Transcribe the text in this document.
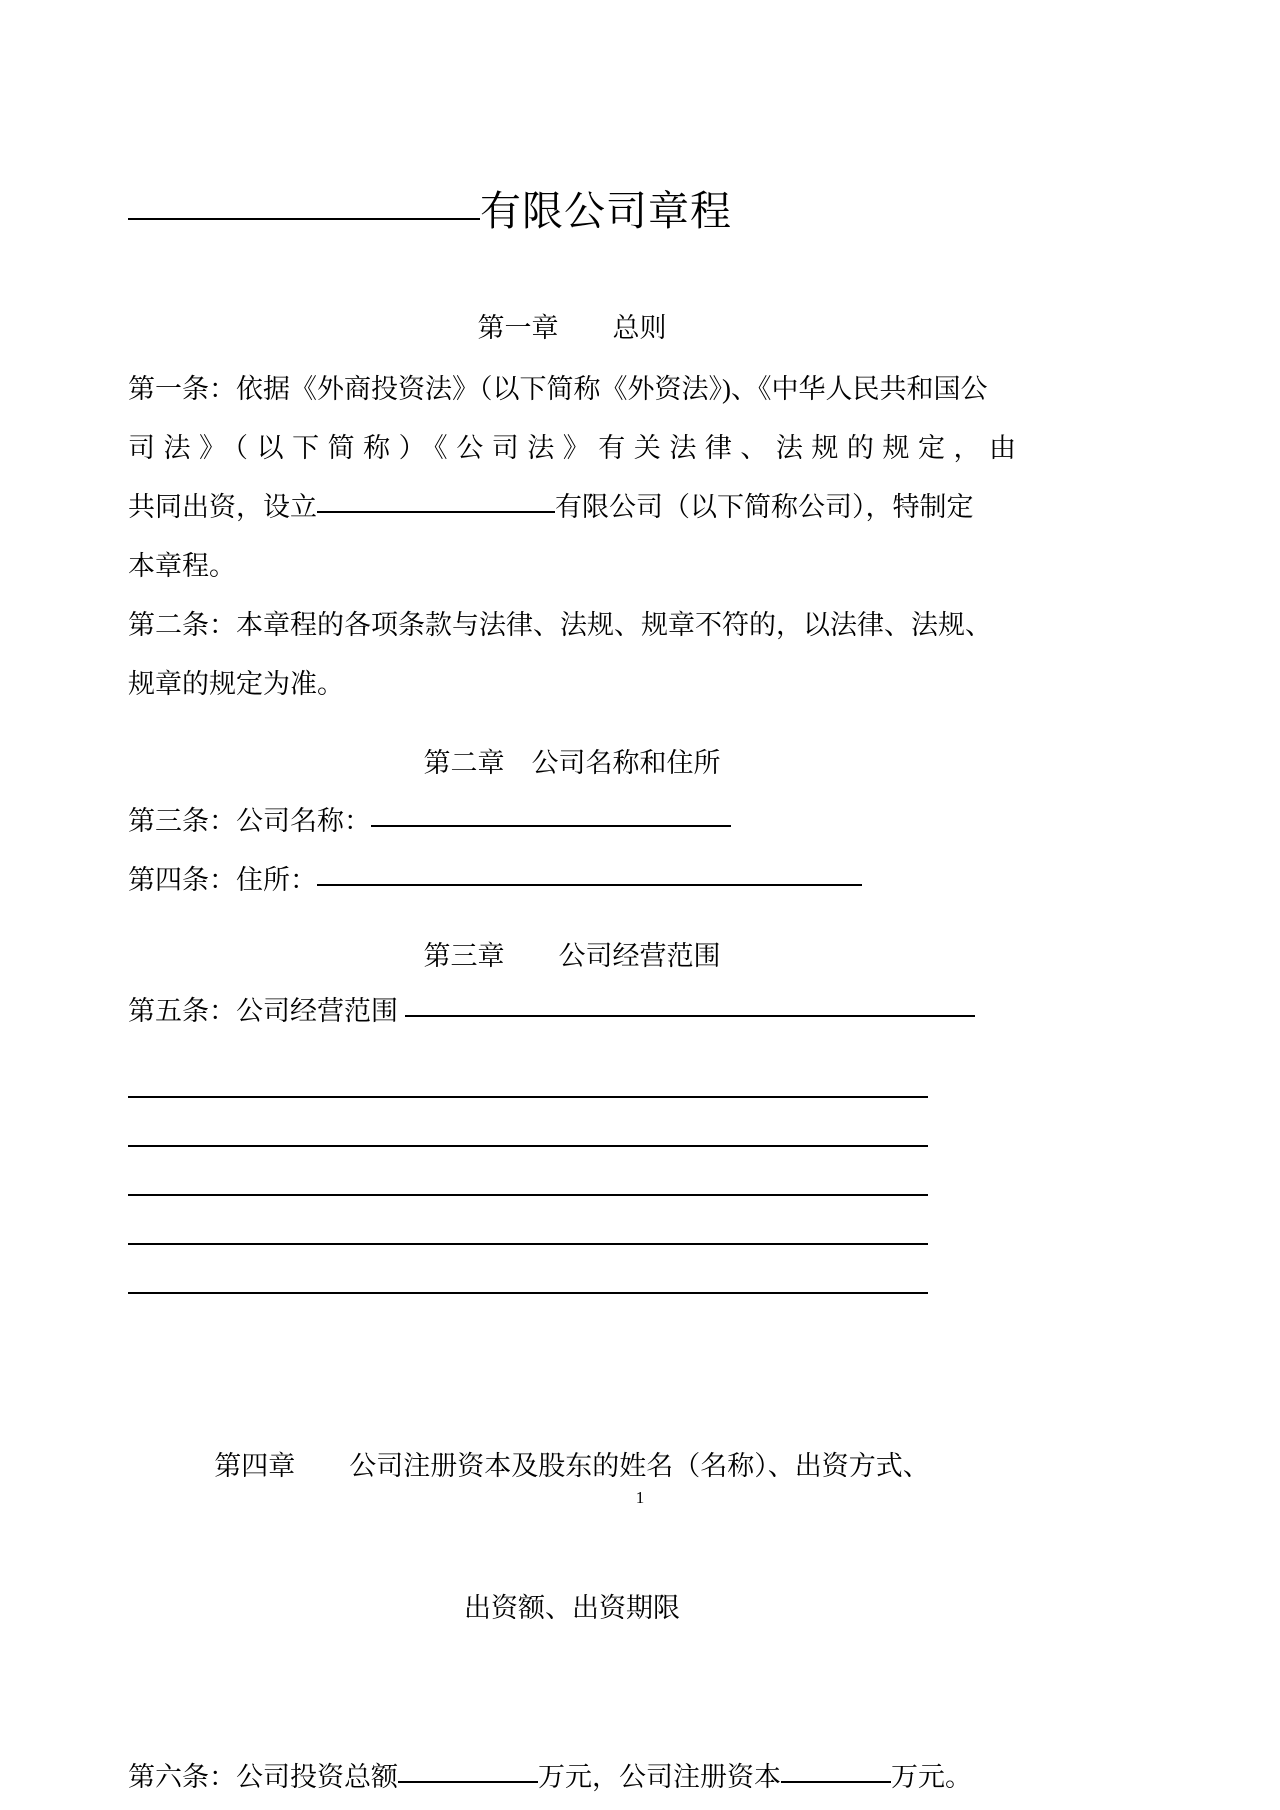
有限公司章程
第一章　　总则
第一条：依据《外商投资法》（以下简称《外资法》)、《中华人民共和国公
司法》（以下简称）《公司法》有关法律、法规的规定，由
共同出资，设立	有限公司（以下简称公司），特制定
本章程。
第二条：本章程的各项条款与法律、法规、规章不符的，以法律、法规、
规章的规定为准。
第二章　公司名称和住所
第三条：公司名称：
第四条：住所：
第三章　　公司经营范围
第五条：公司经营范围

第四章　　公司注册资本及股东的姓名（名称）、出资方式、

出资额、出资期限

第六条：公司投资总额	万元，公司注册资本	万元。
1
